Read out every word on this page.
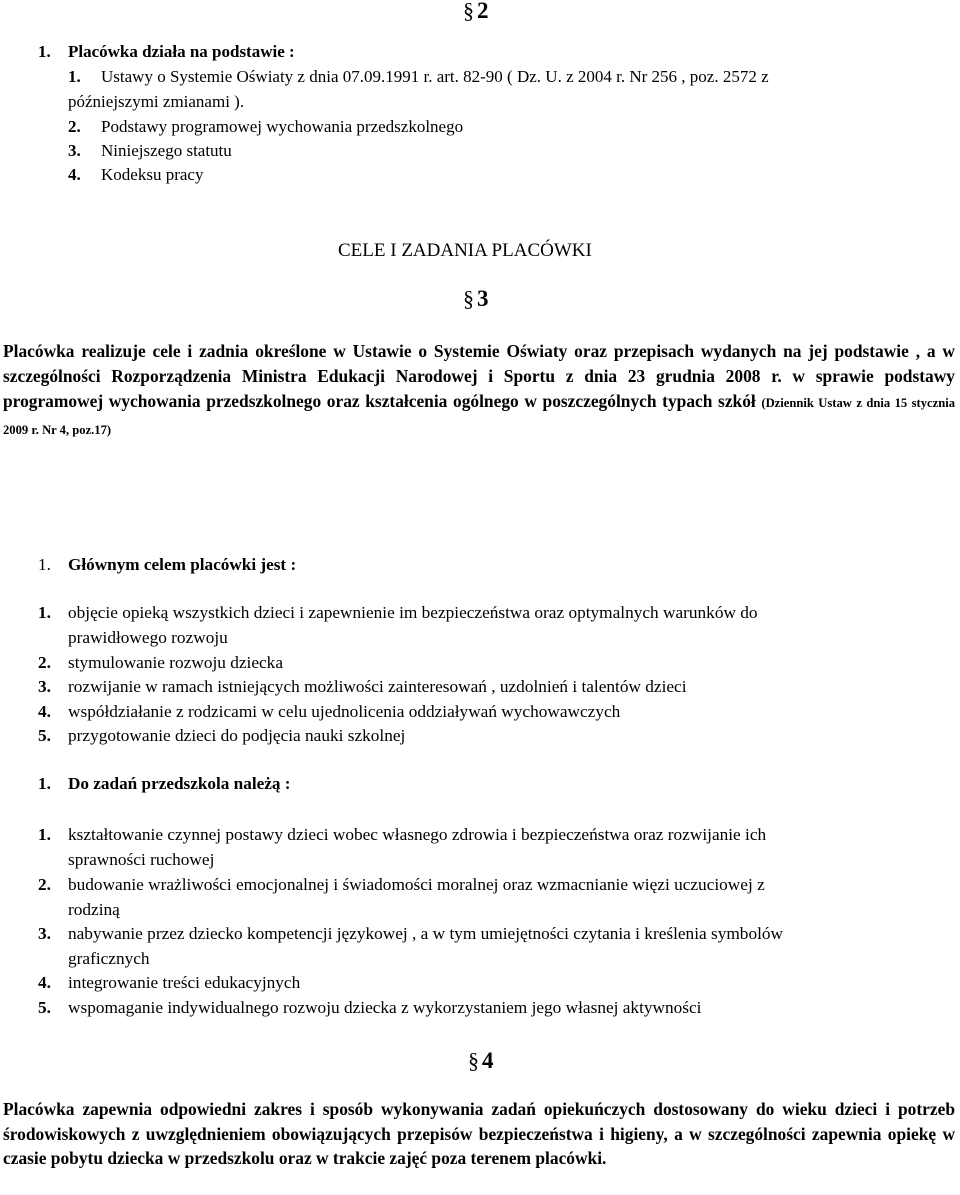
§ 2
1. Placówka działa na podstawie :
1. Ustawy o Systemie Oświaty z dnia 07.09.1991 r. art. 82-90 ( Dz. U. z 2004 r. Nr 256 , poz. 2572 z
późniejszymi zmianami ).
2. Podstawy programowej wychowania przedszkolnego
3. Niniejszego statutu
4. Kodeksu pracy
CELE I ZADANIA PLACÓWKI
§ 3
Placówka realizuje cele i zadnia określone w Ustawie o Systemie Oświaty oraz przepisach wydanych na jej podstawie , a w szczególności Rozporządzenia Ministra Edukacji Narodowej i Sportu z dnia 23 grudnia 2008 r. w sprawie podstawy programowej wychowania przedszkolnego oraz kształcenia ogólnego w poszczególnych typach szkół (Dziennik Ustaw z dnia 15 stycznia 2009 r. Nr 4, poz.17)
1. Głównym celem placówki jest :
1. objęcie opieką wszystkich dzieci i zapewnienie im bezpieczeństwa oraz optymalnych warunków do
prawidłowego rozwoju
2. stymulowanie rozwoju dziecka
3. rozwijanie w ramach istniejących możliwości zainteresowań , uzdolnień i talentów dzieci
4. współdziałanie z rodzicami w celu ujednolicenia oddziaływań wychowawczych
5. przygotowanie dzieci do podjęcia nauki szkolnej
1. Do zadań przedszkola należą :
1. kształtowanie czynnej postawy dzieci wobec własnego zdrowia i bezpieczeństwa oraz rozwijanie ich
sprawności ruchowej
2. budowanie wrażliwości emocjonalnej i świadomości moralnej oraz wzmacnianie więzi uczuciowej z
rodziną
3. nabywanie przez dziecko kompetencji językowej , a w tym umiejętności czytania i kreślenia symbolów
graficznych
4. integrowanie treści edukacyjnych
5. wspomaganie indywidualnego rozwoju dziecka z wykorzystaniem jego własnej aktywności
§ 4
Placówka zapewnia odpowiedni zakres i sposób wykonywania zadań opiekuńczych dostosowany do wieku dzieci i potrzeb środowiskowych z uwzględnieniem obowiązujących przepisów bezpieczeństwa i higieny, a w szczególności zapewnia opiekę w czasie pobytu dziecka w przedszkolu oraz w trakcie zajęć poza terenem placówki.
